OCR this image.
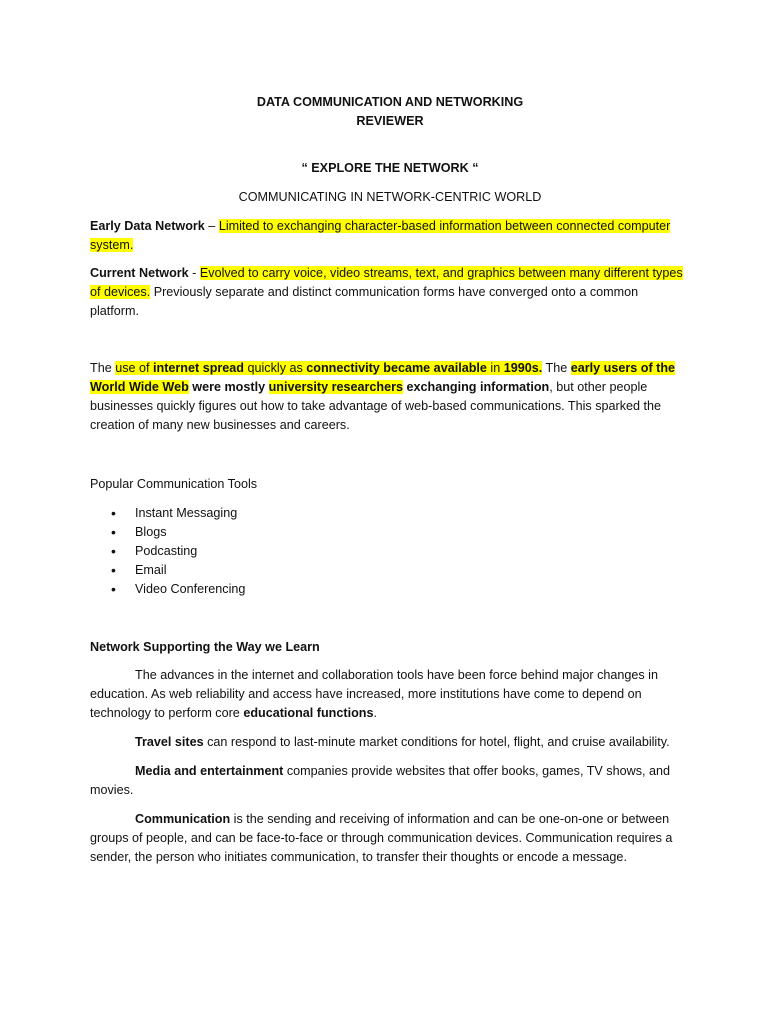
DATA COMMUNICATION AND NETWORKING
REVIEWER
“ EXPLORE THE NETWORK “
COMMUNICATING IN NETWORK-CENTRIC WORLD

Early Data Network – Limited to exchanging character-based information between connected computer system.

Current Network - Evolved to carry voice, video streams, text, and graphics between many different types of devices. Previously separate and distinct communication forms have converged onto a common platform.

The use of internet spread quickly as connectivity became available in 1990s. The early users of the World Wide Web were mostly university researchers exchanging information, but other people businesses quickly figures out how to take advantage of web-based communications. This sparked the creation of many new businesses and careers.

Popular Communication Tools
• Instant Messaging
• Blogs
• Podcasting
• Email
• Video Conferencing
Network Supporting the Way we Learn

The advances in the internet and collaboration tools have been force behind major changes in education. As web reliability and access have increased, more institutions have come to depend on technology to perform core educational functions.

Travel sites can respond to last-minute market conditions for hotel, flight, and cruise availability.

Media and entertainment companies provide websites that offer books, games, TV shows, and movies.

Communication is the sending and receiving of information and can be one-on-one or between groups of people, and can be face-to-face or through communication devices. Communication requires a sender, the person who initiates communication, to transfer their thoughts or encode a message.
